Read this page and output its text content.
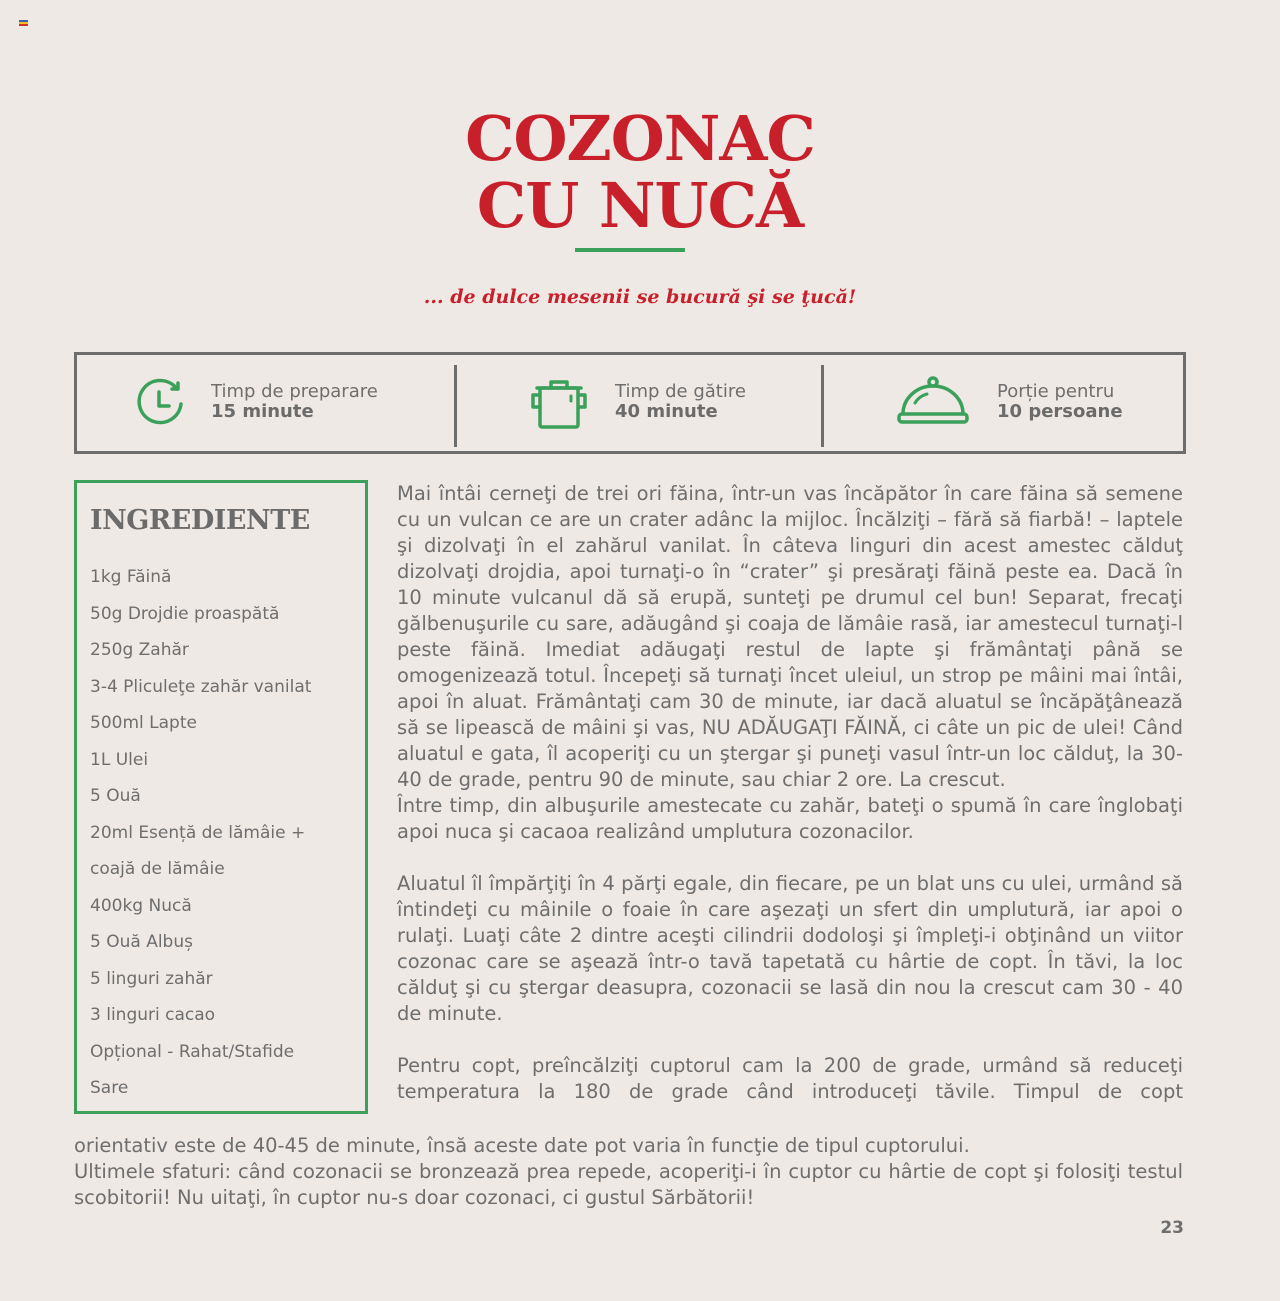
COZONAC
CU NUCĂ
... de dulce mesenii se bucură şi se ţucă!
Timp de preparare
15 minute
Timp de gătire
40 minute
Porție pentru
10 persoane
INGREDIENTE
1kg Făină
50g Drojdie proaspătă
250g Zahăr
3-4 Pliculeţe zahăr vanilat
500ml Lapte
1L Ulei
5 Ouă
20ml Esență de lămâie +
coajă de lămâie
400kg Nucă
5 Ouă Albuș
5 linguri zahăr
3 linguri cacao
Opțional - Rahat/Stafide
Sare

Mai întâi cerneţi de trei ori făina, într-un vas încăpător în care făina să semene cu un vulcan ce are un crater adânc la mijloc. Încălziţi – fără să fiarbă! – laptele şi dizolvaţi în el zahărul vanilat. În câteva linguri din acest amestec călduţ dizolvaţi drojdia, apoi turnaţi-o în “crater” şi presăraţi făină peste ea. Dacă în 10 minute vulcanul dă să erupă, sunteţi pe drumul cel bun! Separat, frecaţi gălbenuşurile cu sare, adăugând şi coaja de lămâie rasă, iar amestecul turnaţi-l peste făină. Imediat adăugaţi restul de lapte şi frământaţi până se omogenizează totul. Începeţi să turnaţi încet uleiul, un strop pe mâini mai întâi, apoi în aluat. Frământaţi cam 30 de minute, iar dacă aluatul se încăpăţânează să se lipească de mâini şi vas, NU ADĂUGAŢI FĂINĂ, ci câte un pic de ulei! Când aluatul e gata, îl acoperiţi cu un ştergar şi puneţi vasul într-un loc călduţ, la 30-40 de grade, pentru 90 de minute, sau chiar 2 ore. La crescut.

Între timp, din albuşurile amestecate cu zahăr, bateţi o spumă în care înglobaţi apoi nuca şi cacaoa realizând umplutura cozonacilor.

Aluatul îl împărţiţi în 4 părţi egale, din fiecare, pe un blat uns cu ulei, urmând să întindeţi cu mâinile o foaie în care aşezaţi un sfert din umplutură, iar apoi o rulaţi. Luaţi câte 2 dintre aceşti cilindrii dodoloşi şi împleţi-i obţinând un viitor cozonac care se aşează într-o tavă tapetată cu hârtie de copt. În tăvi, la loc călduţ şi cu ştergar deasupra, cozonacii se lasă din nou la crescut cam 30 - 40 de minute.

Pentru copt, preîncălziţi cuptorul cam la 200 de grade, urmând să reduceţi temperatura la 180 de grade când introduceţi tăvile. Timpul de copt

orientativ este de 40-45 de minute, însă aceste date pot varia în funcţie de tipul cuptorului.

Ultimele sfaturi: când cozonacii se bronzează prea repede, acoperiţi-i în cuptor cu hârtie de copt şi folosiţi testul scobitorii! Nu uitaţi, în cuptor nu-s doar cozonaci, ci gustul Sărbătorii!

23
